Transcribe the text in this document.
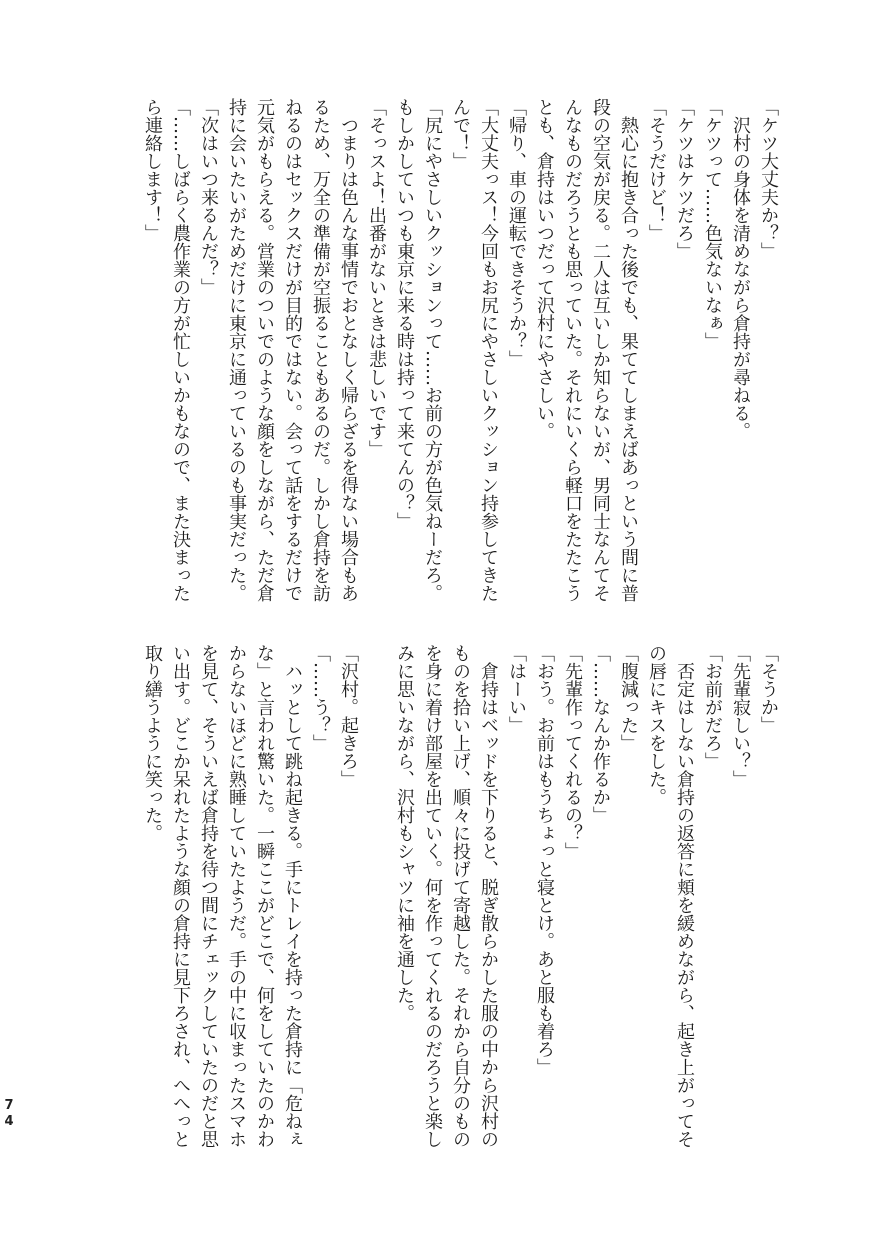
「ケツ大丈夫か？」
　沢村の身体を清めながら倉持が尋ねる。
「ケツって……色気ないなぁ」
「ケツはケツだろ」
「そうだけど！」
　熱心に抱き合った後でも、果ててしまえばあっという間に普
段の空気が戻る。二人は互いしか知らないが、男同士なんてそ
んなものだろうとも思っていた。それにいくら軽口をたたこう
とも、倉持はいつだって沢村にやさしい。
「帰り、車の運転できそうか？」
「大丈夫っス！今回もお尻にやさしいクッション持参してきた
んで！」
「尻にやさしいクッションって……お前の方が色気ねーだろ。
もしかしていつも東京に来る時は持って来てんの？」
「そっスよ！出番がないときは悲しいです」
　つまりは色んな事情でおとなしく帰らざるを得ない場合もあ
るため、万全の準備が空振ることもあるのだ。しかし倉持を訪
ねるのはセックスだけが目的ではない。会って話をするだけで
元気がもらえる。営業のついでのような顔をしながら、ただ倉
持に会いたいがためだけに東京に通っているのも事実だった。
「次はいつ来るんだ？」
「……しばらく農作業の方が忙しいかもなので、また決まった
ら連絡します！」
「そうか」
「先輩寂しい？」
「お前がだろ」
　否定はしない倉持の返答に頬を緩めながら、起き上がってそ
の唇にキスをした。
「腹減った」
「……なんか作るか」
「先輩作ってくれるの？」
「おう。お前はもうちょっと寝とけ。あと服も着ろ」
「はーい」
　倉持はベッドを下りると、脱ぎ散らかした服の中から沢村の
ものを拾い上げ、順々に投げて寄越した。それから自分のもの
を身に着け部屋を出ていく。何を作ってくれるのだろうと楽し
みに思いながら、沢村もシャツに袖を通した。

「沢村。起きろ」
「……う？」
　ハッとして跳ね起きる。手にトレイを持った倉持に「危ねぇ
な」と言われ驚いた。一瞬ここがどこで、何をしていたのかわ
からないほどに熟睡していたようだ。手の中に収まったスマホ
を見て、そういえば倉持を待つ間にチェックしていたのだと思
い出す。どこか呆れたような顔の倉持に見下ろされ、へへっと
取り繕うように笑った。
7
4
